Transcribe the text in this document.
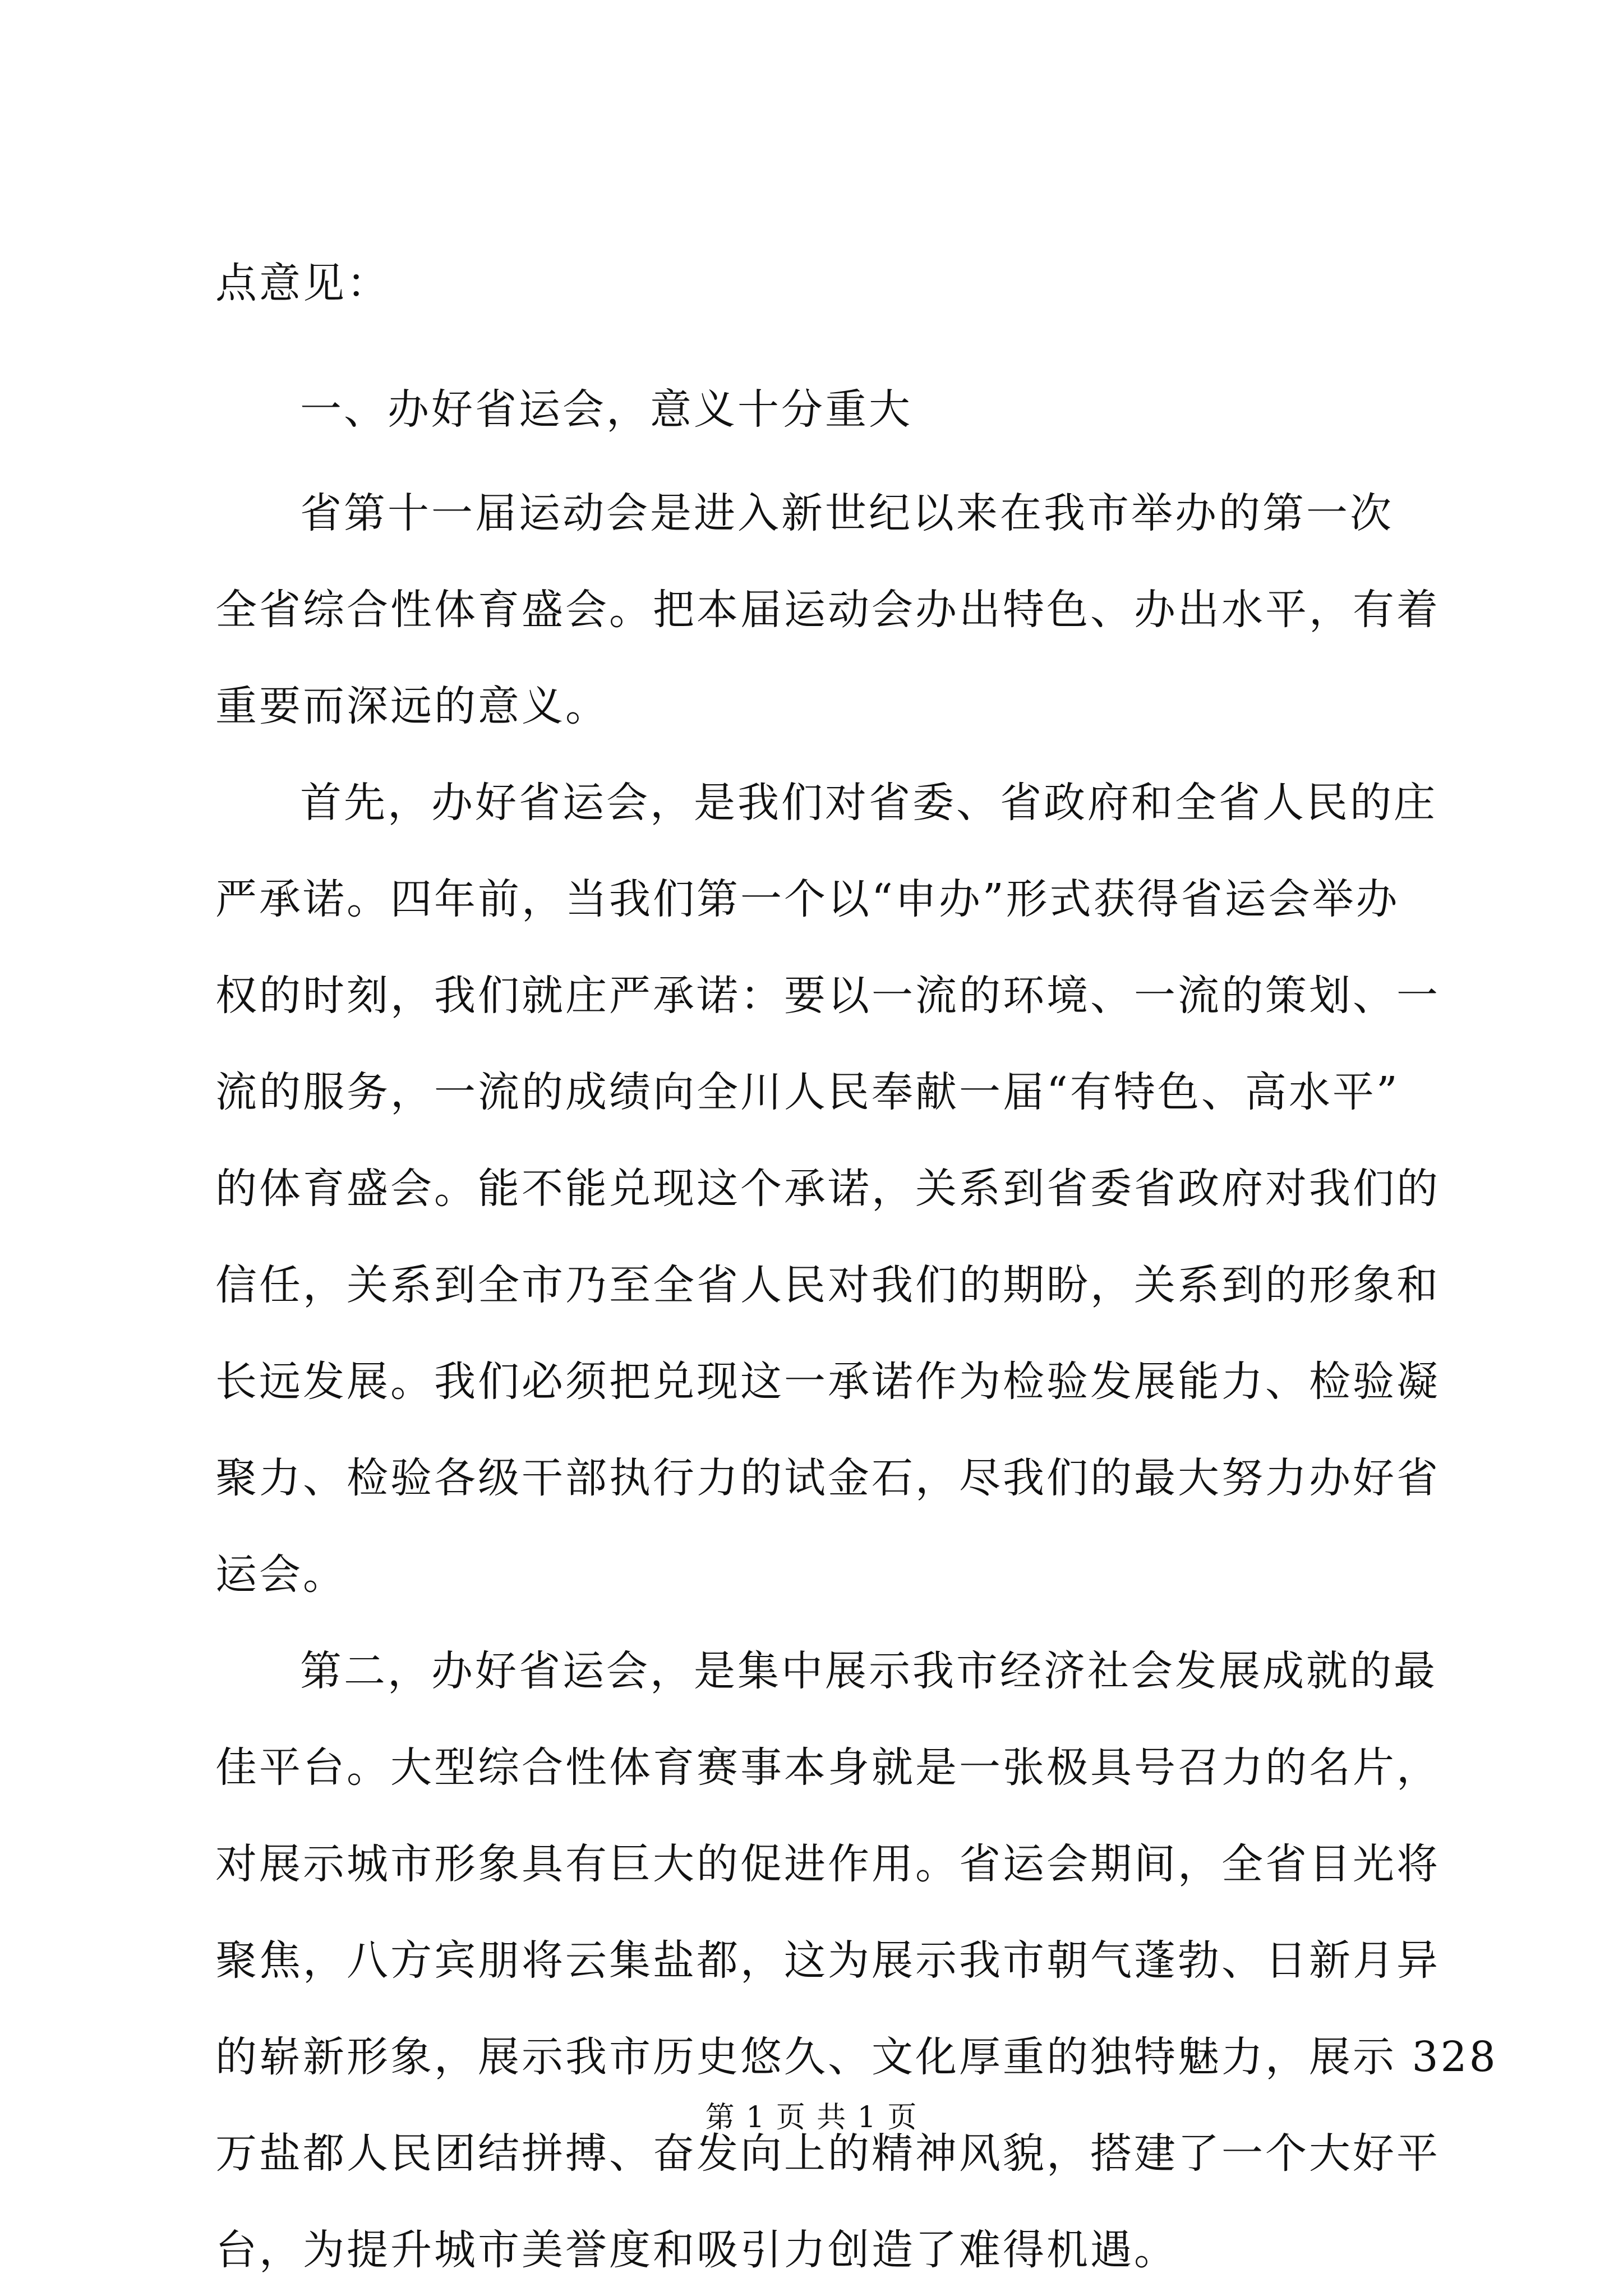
点意见：
一、办好省运会，意义十分重大
省第十一届运动会是进入新世纪以来在我市举办的第一次
全省综合性体育盛会。把本届运动会办出特色、办出水平，有着
重要而深远的意义。
首先，办好省运会，是我们对省委、省政府和全省人民的庄
严承诺。四年前，当我们第一个以“申办”形式获得省运会举办
权的时刻，我们就庄严承诺：要以一流的环境、一流的策划、一
流的服务，一流的成绩向全川人民奉献一届“有特色、高水平”
的体育盛会。能不能兑现这个承诺，关系到省委省政府对我们的
信任，关系到全市乃至全省人民对我们的期盼，关系到的形象和
长远发展。我们必须把兑现这一承诺作为检验发展能力、检验凝
聚力、检验各级干部执行力的试金石，尽我们的最大努力办好省
运会。
第二，办好省运会，是集中展示我市经济社会发展成就的最
佳平台。大型综合性体育赛事本身就是一张极具号召力的名片，
对展示城市形象具有巨大的促进作用。省运会期间，全省目光将
聚焦，八方宾朋将云集盐都，这为展示我市朝气蓬勃、日新月异
的崭新形象，展示我市历史悠久、文化厚重的独特魅力，展示 328
万盐都人民团结拼搏、奋发向上的精神风貌，搭建了一个大好平
台，为提升城市美誉度和吸引力创造了难得机遇。
第 1 页 共 1 页
